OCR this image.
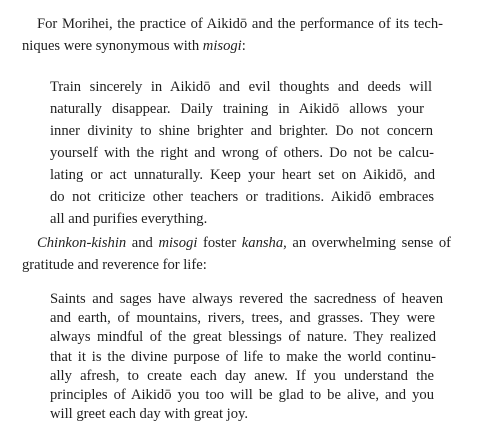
For Morihei, the practice of Aikidō and the performance of its tech-
niques were synonymous with misogi:
Train sincerely in Aikidō and evil thoughts and deeds will
naturally disappear. Daily training in Aikidō allows your
inner divinity to shine brighter and brighter. Do not concern
yourself with the right and wrong of others. Do not be calcu-
lating or act unnaturally. Keep your heart set on Aikidō, and
do not criticize other teachers or traditions. Aikidō embraces
all and purifies everything.
Chinkon-kishin and misogi foster kansha, an overwhelming sense of
gratitude and reverence for life:
Saints and sages have always revered the sacredness of heaven
and earth, of mountains, rivers, trees, and grasses. They were
always mindful of the great blessings of nature. They realized
that it is the divine purpose of life to make the world continu-
ally afresh, to create each day anew. If you understand the
principles of Aikidō you too will be glad to be alive, and you
will greet each day with great joy.
